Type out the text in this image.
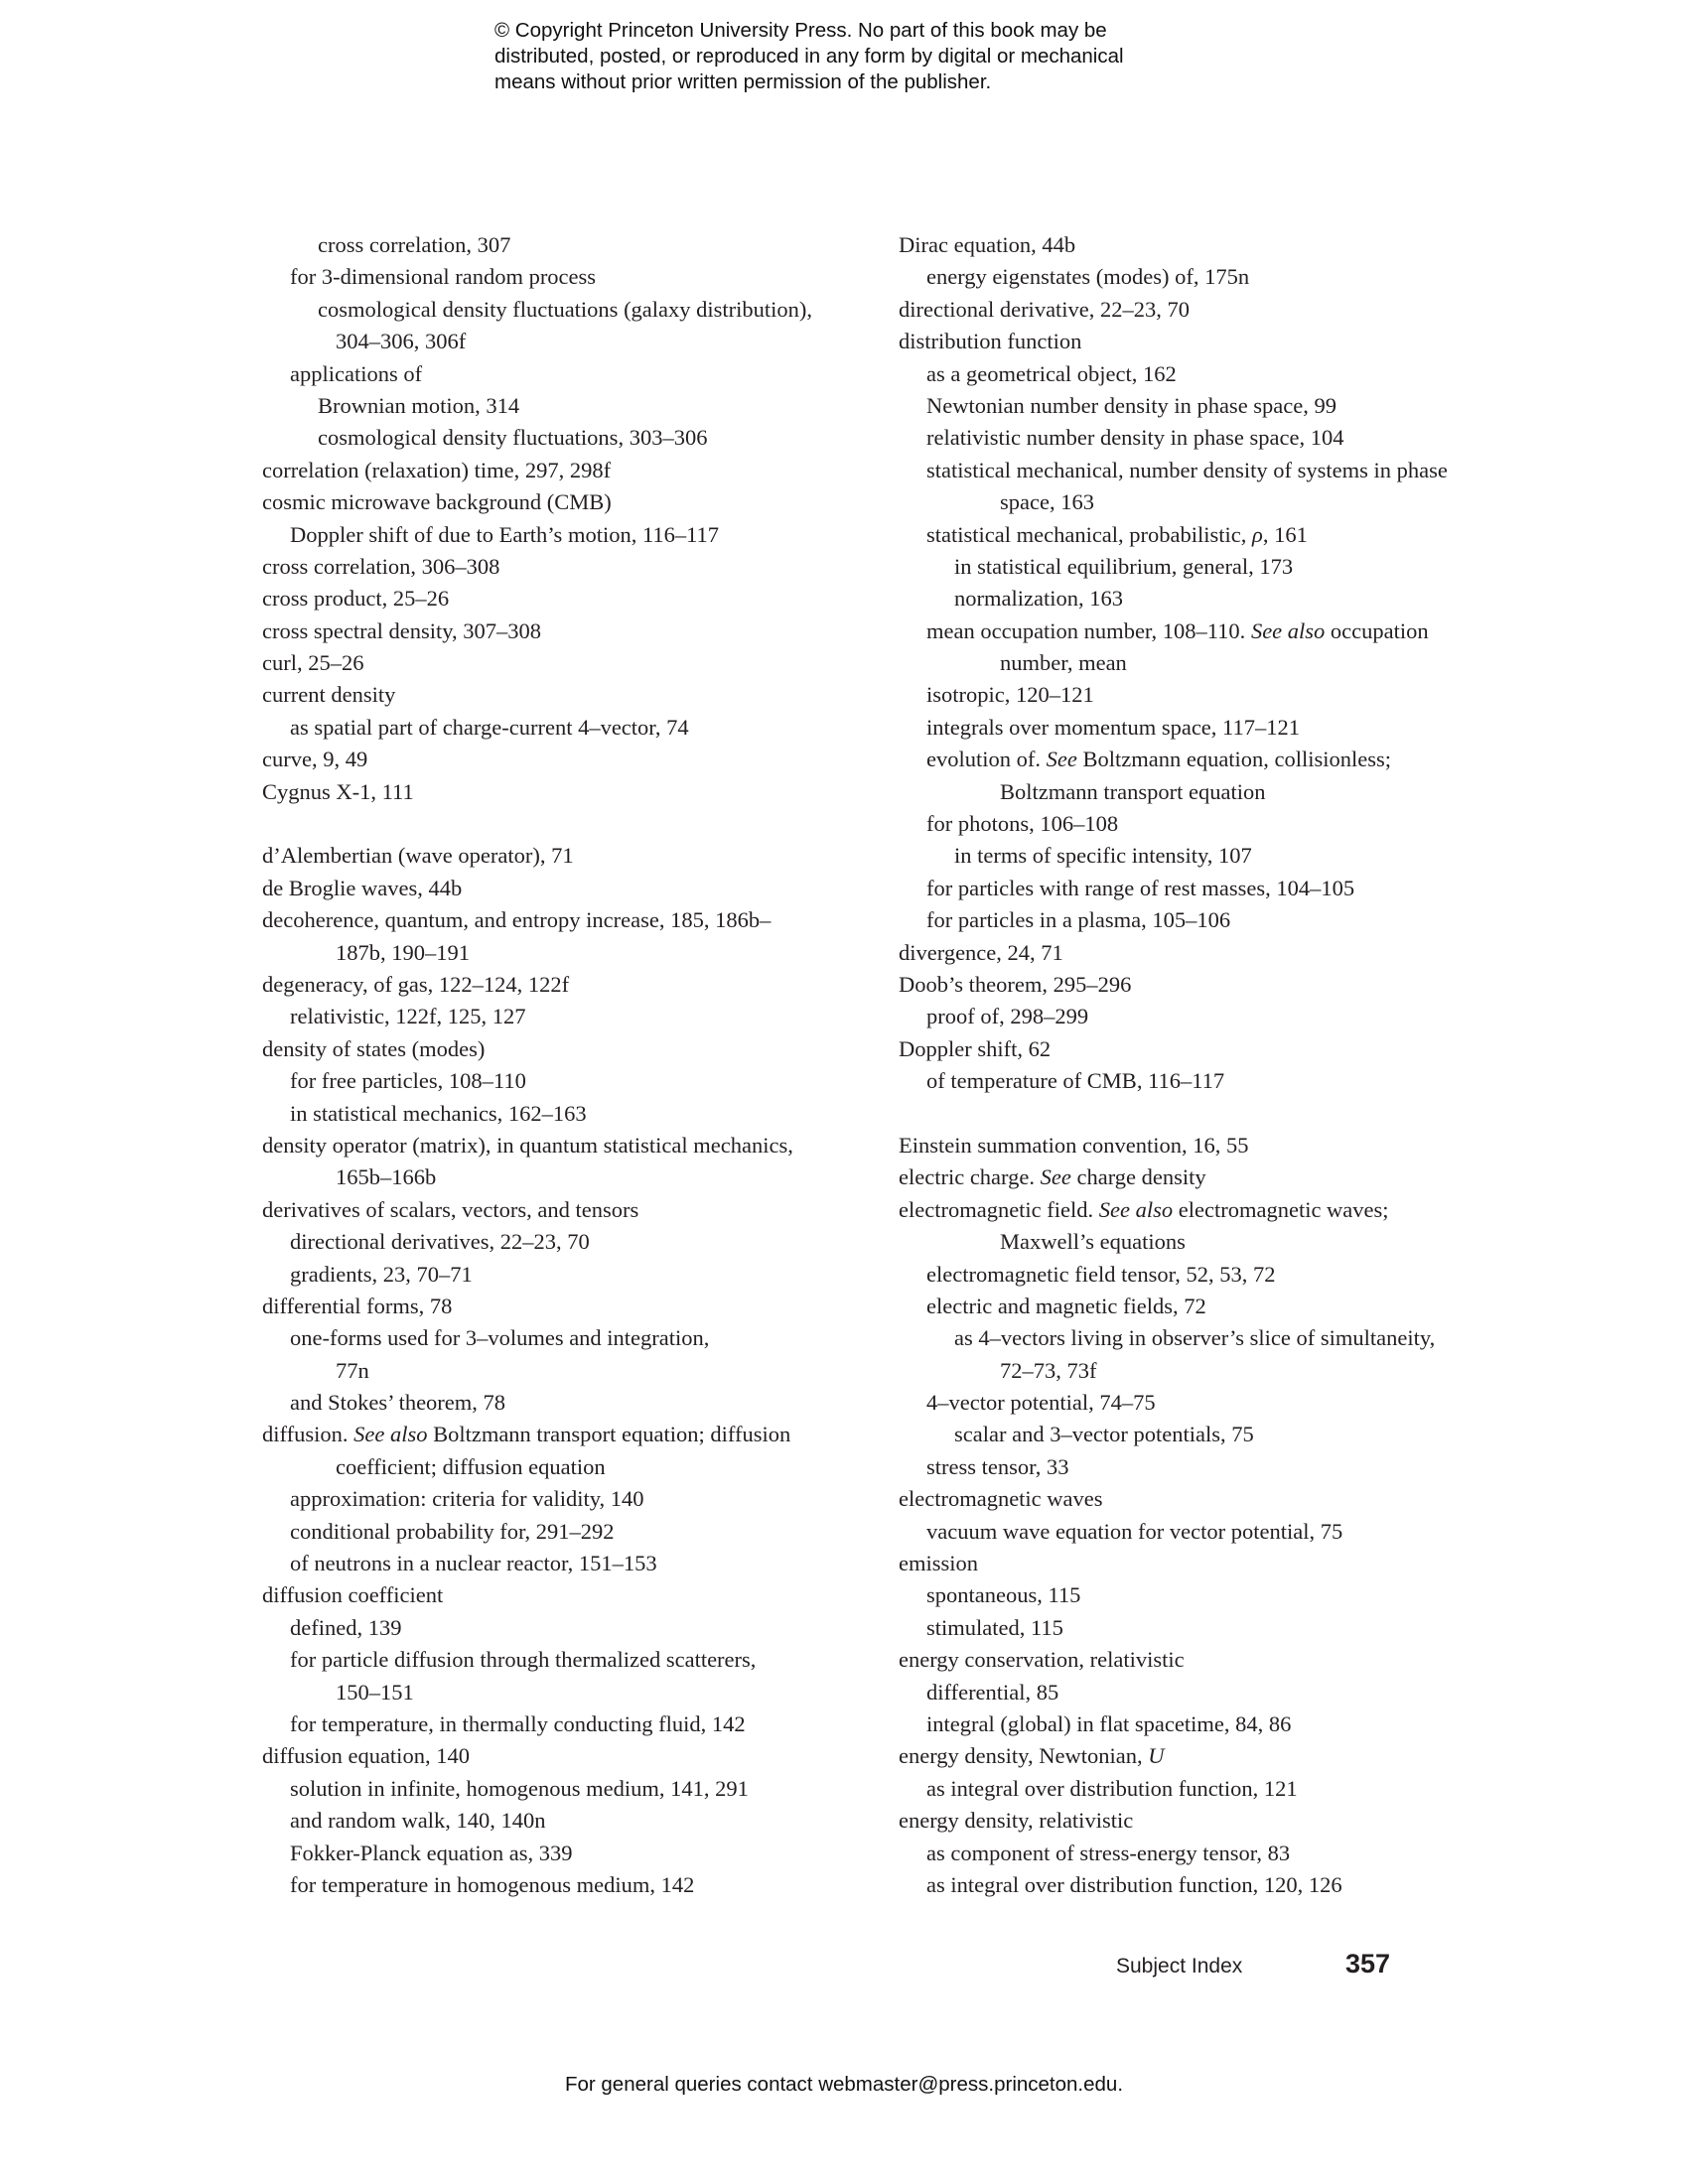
© Copyright Princeton University Press. No part of this book may be
distributed, posted, or reproduced in any form by digital or mechanical
means without prior written permission of the publisher.
cross correlation, 307
for 3-dimensional random process
cosmological density fluctuations (galaxy distribution),
304–306, 306f
applications of
Brownian motion, 314
cosmological density fluctuations, 303–306
correlation (relaxation) time, 297, 298f
cosmic microwave background (CMB)
Doppler shift of due to Earth’s motion, 116–117
cross correlation, 306–308
cross product, 25–26
cross spectral density, 307–308
curl, 25–26
current density
as spatial part of charge-current 4–vector, 74
curve, 9, 49
Cygnus X-1, 111
d’Alembertian (wave operator), 71
de Broglie waves, 44b
decoherence, quantum, and entropy increase, 185, 186b–
187b, 190–191
degeneracy, of gas, 122–124, 122f
relativistic, 122f, 125, 127
density of states (modes)
for free particles, 108–110
in statistical mechanics, 162–163
density operator (matrix), in quantum statistical mechanics,
165b–166b
derivatives of scalars, vectors, and tensors
directional derivatives, 22–23, 70
gradients, 23, 70–71
differential forms, 78
one-forms used for 3–volumes and integration,
77n
and Stokes’ theorem, 78
diffusion. See also Boltzmann transport equation; diffusion
coefficient; diffusion equation
approximation: criteria for validity, 140
conditional probability for, 291–292
of neutrons in a nuclear reactor, 151–153
diffusion coefficient
defined, 139
for particle diffusion through thermalized scatterers,
150–151
for temperature, in thermally conducting fluid, 142
diffusion equation, 140
solution in infinite, homogenous medium, 141, 291
and random walk, 140, 140n
Fokker-Planck equation as, 339
for temperature in homogenous medium, 142
Dirac equation, 44b
energy eigenstates (modes) of, 175n
directional derivative, 22–23, 70
distribution function
as a geometrical object, 162
Newtonian number density in phase space, 99
relativistic number density in phase space, 104
statistical mechanical, number density of systems in phase
space, 163
statistical mechanical, probabilistic, ρ, 161
in statistical equilibrium, general, 173
normalization, 163
mean occupation number, 108–110. See also occupation
number, mean
isotropic, 120–121
integrals over momentum space, 117–121
evolution of. See Boltzmann equation, collisionless;
Boltzmann transport equation
for photons, 106–108
in terms of specific intensity, 107
for particles with range of rest masses, 104–105
for particles in a plasma, 105–106
divergence, 24, 71
Doob’s theorem, 295–296
proof of, 298–299
Doppler shift, 62
of temperature of CMB, 116–117
Einstein summation convention, 16, 55
electric charge. See charge density
electromagnetic field. See also electromagnetic waves;
Maxwell’s equations
electromagnetic field tensor, 52, 53, 72
electric and magnetic fields, 72
as 4–vectors living in observer’s slice of simultaneity,
72–73, 73f
4–vector potential, 74–75
scalar and 3–vector potentials, 75
stress tensor, 33
electromagnetic waves
vacuum wave equation for vector potential, 75
emission
spontaneous, 115
stimulated, 115
energy conservation, relativistic
differential, 85
integral (global) in flat spacetime, 84, 86
energy density, Newtonian, U
as integral over distribution function, 121
energy density, relativistic
as component of stress-energy tensor, 83
as integral over distribution function, 120, 126
Subject Index	357
For general queries contact webmaster@press.princeton.edu.
